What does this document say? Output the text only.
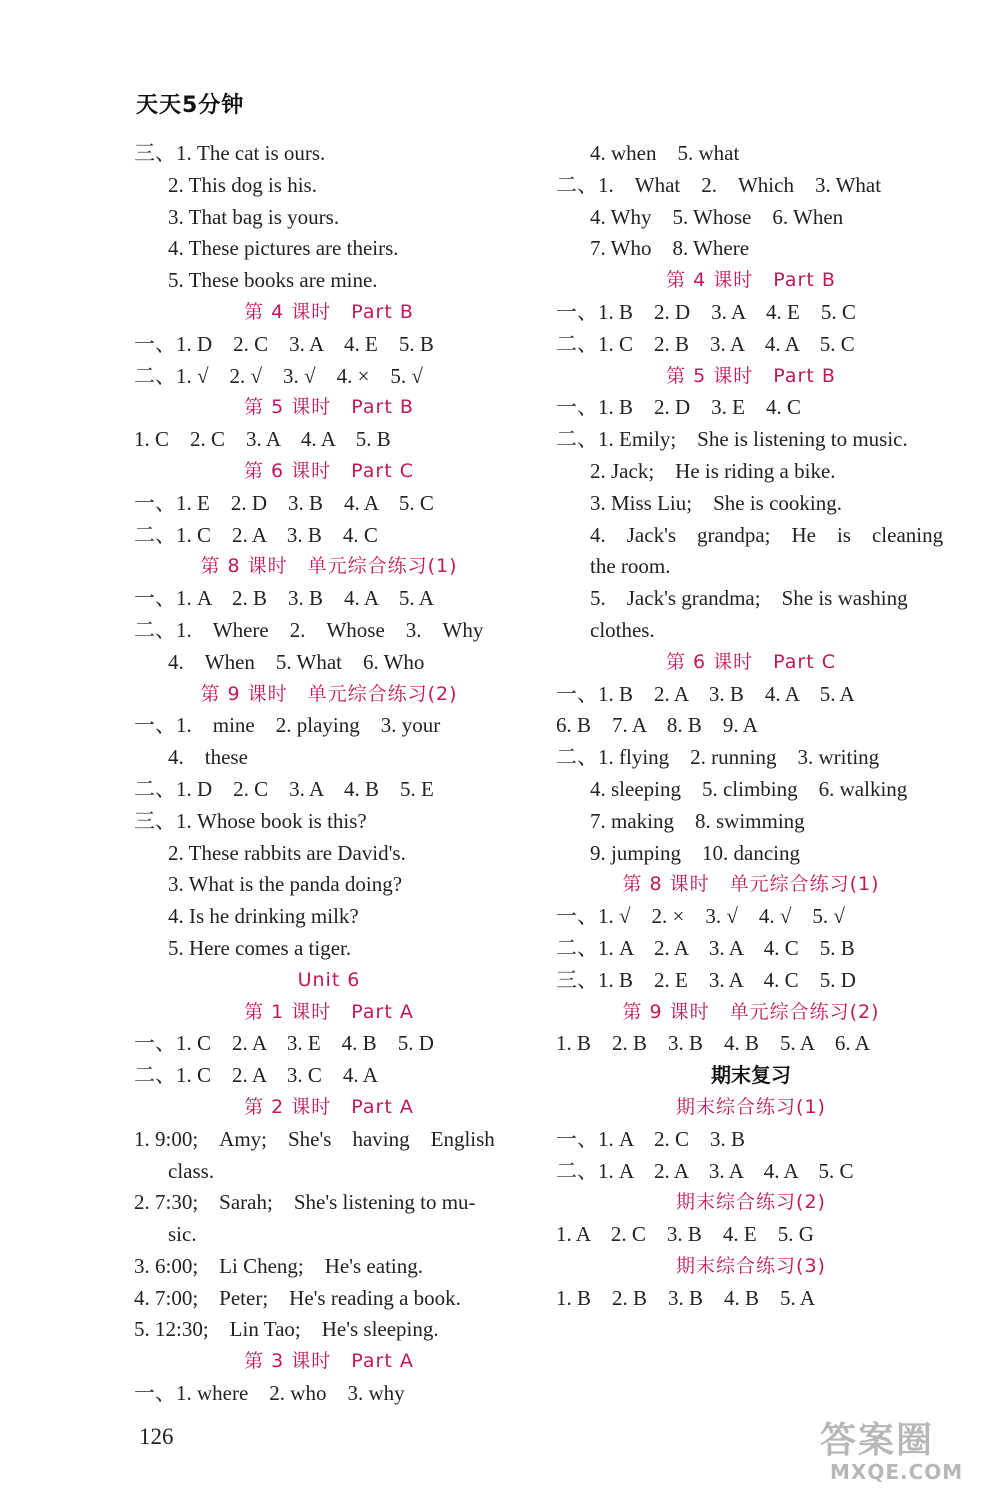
天天5分钟
三、1. The cat is ours.
2. This dog is his.
3. That bag is yours.
4. These pictures are theirs.
5. These books are mine.
第 4 课时　Part B
一、1. D　2. C　3. A　4. E　5. B
二、1. √　2. √　3. √　4. ×　5. √
第 5 课时　Part B
1. C　2. C　3. A　4. A　5. B
第 6 课时　Part C
一、1. E　2. D　3. B　4. A　5. C
二、1. C　2. A　3. B　4. C
第 8 课时　单元综合练习(1)
一、1. A　2. B　3. B　4. A　5. A
二、1.　Where　2.　Whose　3.　Why
4.　When　5. What　6. Who
第 9 课时　单元综合练习(2)
一、1.　mine　2. playing　3. your
4.　these
二、1. D　2. C　3. A　4. B　5. E
三、1. Whose book is this?
2. These rabbits are David's.
3. What is the panda doing?
4. Is he drinking milk?
5. Here comes a tiger.
Unit 6
第 1 课时　Part A
一、1. C　2. A　3. E　4. B　5. D
二、1. C　2. A　3. C　4. A
第 2 课时　Part A
1. 9:00;　Amy;　She's　having　English
class.
2. 7:30;　Sarah;　She's listening to mu-
sic.
3. 6:00;　Li Cheng;　He's eating.
4. 7:00;　Peter;　He's reading a book.
5. 12:30;　Lin Tao;　He's sleeping.
第 3 课时　Part A
一、1. where　2. who　3. why
4. when　5. what
二、1.　What　2.　Which　3. What
4. Why　5. Whose　6. When
7. Who　8. Where
第 4 课时　Part B
一、1. B　2. D　3. A　4. E　5. C
二、1. C　2. B　3. A　4. A　5. C
第 5 课时　Part B
一、1. B　2. D　3. E　4. C
二、1. Emily;　She is listening to music.
2. Jack;　He is riding a bike.
3. Miss Liu;　She is cooking.
4.　Jack's　grandpa;　He　is　cleaning
the room.
5.　Jack's grandma;　She is washing
clothes.
第 6 课时　Part C
一、1. B　2. A　3. B　4. A　5. A
6. B　7. A　8. B　9. A
二、1. flying　2. running　3. writing
4. sleeping　5. climbing　6. walking
7. making　8. swimming
9. jumping　10. dancing
第 8 课时　单元综合练习(1)
一、1. √　2. ×　3. √　4. √　5. √
二、1. A　2. A　3. A　4. C　5. B
三、1. B　2. E　3. A　4. C　5. D
第 9 课时　单元综合练习(2)
1. B　2. B　3. B　4. B　5. A　6. A
期末复习
期末综合练习(1)
一、1. A　2. C　3. B
二、1. A　2. A　3. A　4. A　5. C
期末综合练习(2)
1. A　2. C　3. B　4. E　5. G
期末综合练习(3)
1. B　2. B　3. B　4. B　5. A
126	答案圈
MXQE.COM
